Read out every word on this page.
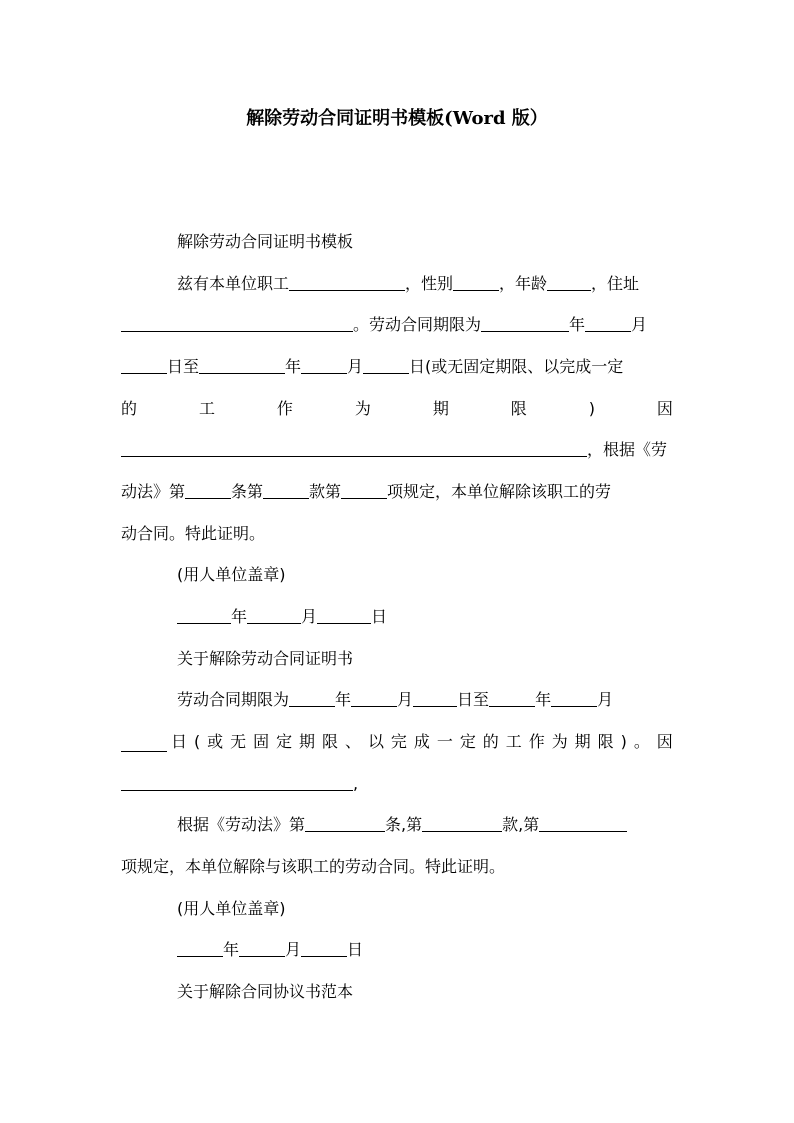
解除劳动合同证明书模板(Word 版）
解除劳动合同证明书模板
兹有本单位职工	，性别	，年龄	，住址
。劳动合同期限为	年	月
日至	年	月	日(或无固定期限、以完成一定
的	工	作	为	期	限	)	因
，根据《劳
动法》第	条第	款第	项规定，本单位解除该职工的劳
动合同。特此证明。
(用人单位盖章)
年	月	日
关于解除劳动合同证明书
劳动合同期限为	年	月	日至	年	月
日 ( 或 无 固 定 期 限 、 以 完 成 一 定 的 工 作 为 期 限 ) 。 因
,
根据《劳动法》第	条,第	款,第
项规定，本单位解除与该职工的劳动合同。特此证明。
(用人单位盖章)
年	月	日
关于解除合同协议书范本
